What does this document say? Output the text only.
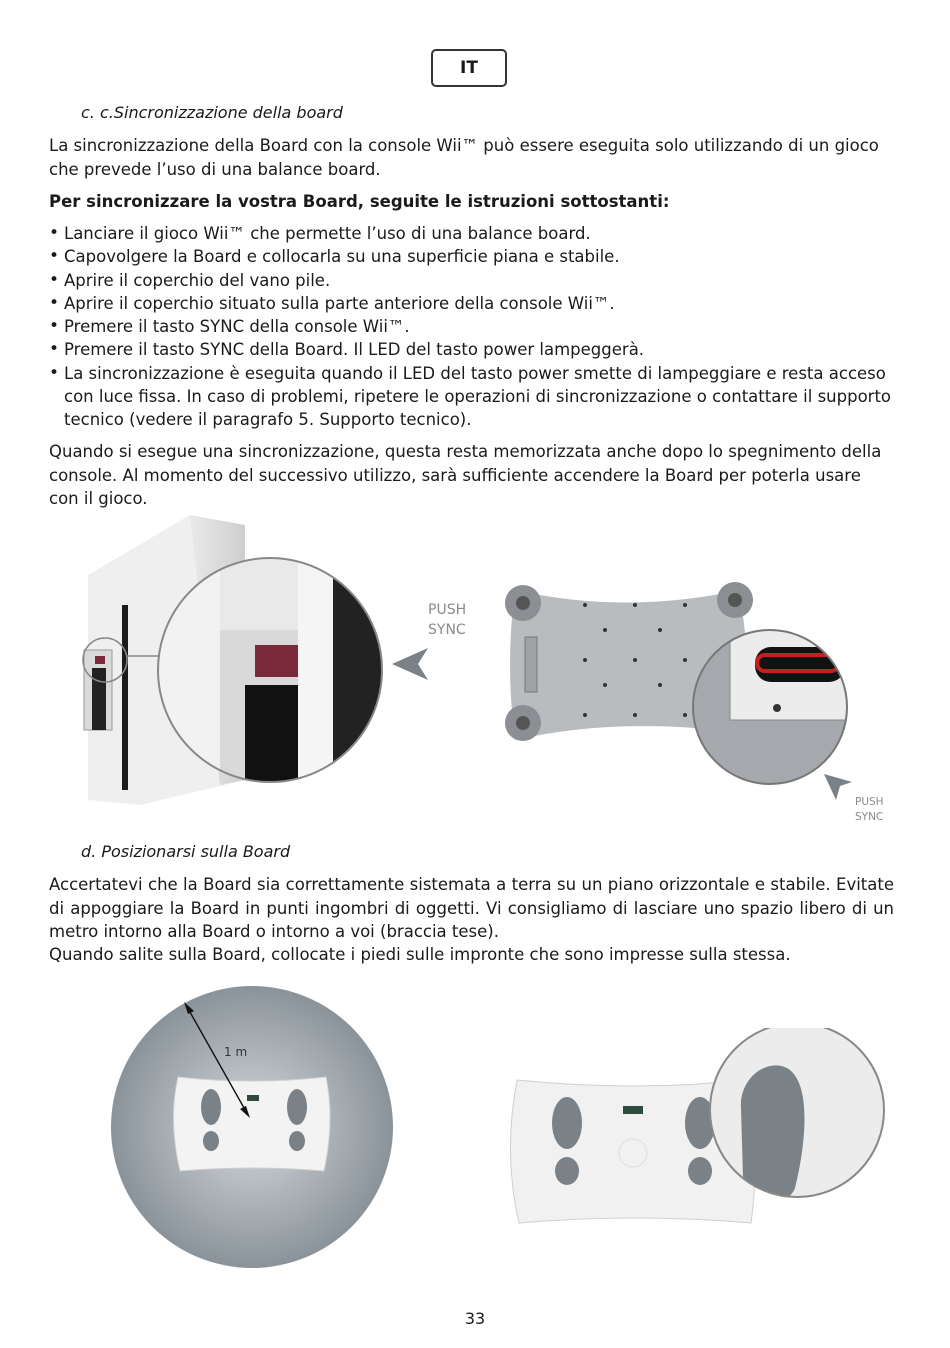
IT
c. c.Sincronizzazione della board

La sincronizzazione della Board con la console Wii™ può essere eseguita solo utilizzando di un gioco che prevede l’uso di una balance board.

Per sincronizzare la vostra Board, seguite le istruzioni sottostanti:

• Lanciare il gioco Wii™ che permette l’uso di una balance board.
• Capovolgere la Board e collocarla su una superficie piana e stabile.
• Aprire il coperchio del vano pile.
• Aprire il coperchio situato sulla parte anteriore della console Wii™.
• Premere il tasto SYNC della console Wii™.
• Premere il tasto SYNC della Board. Il LED del tasto power lampeggerà.
• La sincronizzazione è eseguita quando il LED del tasto power smette di lampeggiare e resta acceso con luce fissa. In caso di problemi, ripetere le operazioni di sincronizzazione o contattare il supporto tecnico (vedere il paragrafo 5. Supporto tecnico).

Quando si esegue una sincronizzazione, questa resta memorizzata anche dopo lo spegnimento della console. Al momento del successivo utilizzo, sarà sufficiente accendere la Board per poterla usare con il gioco.

PUSH
SYNC
PUSH
SYNC
d. Posizionarsi sulla Board

Accertatevi che la Board sia correttamente sistemata a terra su un piano orizzontale e stabile. Evitate di appoggiare la Board in punti ingombri di oggetti. Vi consigliamo di lasciare uno spazio libero di un metro intorno alla Board o intorno a voi (braccia tese).

Quando salite sulla Board, collocate i piedi sulle impronte che sono impresse sulla stessa.

1 m
33
